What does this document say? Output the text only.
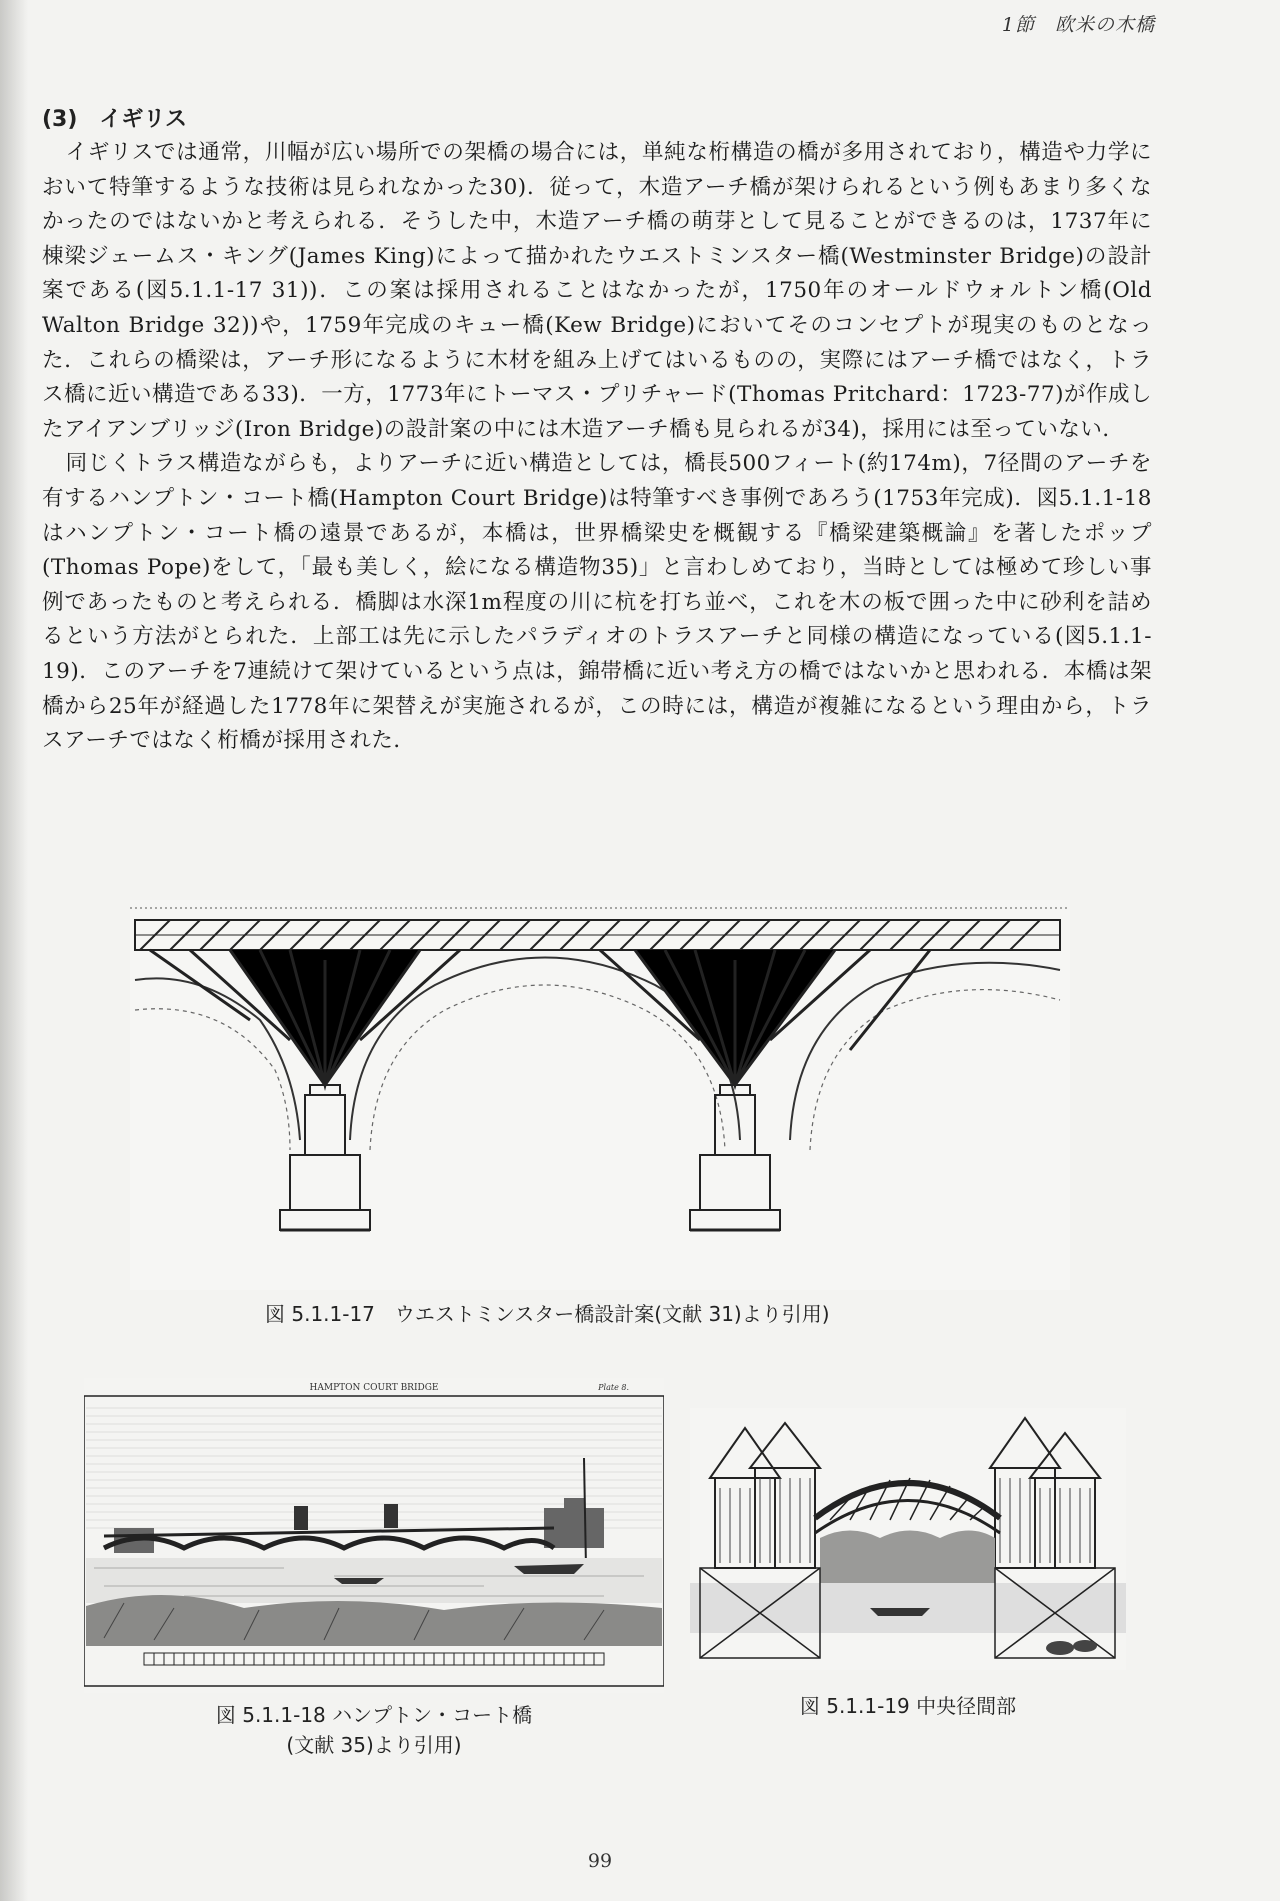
1節　欧米の木橋
(3)　イギリス

イギリスでは通常，川幅が広い場所での架橋の場合には，単純な桁構造の橋が多用されており，構造や力学において特筆するような技術は見られなかった30)．従って，木造アーチ橋が架けられるという例もあまり多くなかったのではないかと考えられる．そうした中，木造アーチ橋の萌芽として見ることができるのは，1737年に棟梁ジェームス・キング(James King)によって描かれたウエストミンスター橋(Westminster Bridge)の設計案である(図5.1.1-17 31))．この案は採用されることはなかったが，1750年のオールドウォルトン橋(Old Walton Bridge 32))や，1759年完成のキュー橋(Kew Bridge)においてそのコンセプトが現実のものとなった．これらの橋梁は，アーチ形になるように木材を組み上げてはいるものの，実際にはアーチ橋ではなく，トラス橋に近い構造である33)．一方，1773年にトーマス・プリチャード(Thomas Pritchard：1723-77)が作成したアイアンブリッジ(Iron Bridge)の設計案の中には木造アーチ橋も見られるが34)，採用には至っていない．

同じくトラス構造ながらも，よりアーチに近い構造としては，橋長500フィート(約174m)，7径間のアーチを有するハンプトン・コート橋(Hampton Court Bridge)は特筆すべき事例であろう(1753年完成)．図5.1.1-18はハンプトン・コート橋の遠景であるが，本橋は，世界橋梁史を概観する『橋梁建築概論』を著したポップ(Thomas Pope)をして，「最も美しく，絵になる構造物35)」と言わしめており，当時としては極めて珍しい事例であったものと考えられる．橋脚は水深1m程度の川に杭を打ち並べ，これを木の板で囲った中に砂利を詰めるという方法がとられた．上部工は先に示したパラディオのトラスアーチと同様の構造になっている(図5.1.1-19)．このアーチを7連続けて架けているという点は，錦帯橋に近い考え方の橋ではないかと思われる．本橋は架橋から25年が経過した1778年に架替えが実施されるが，この時には，構造が複雑になるという理由から，トラスアーチではなく桁橋が採用された．

図 5.1.1-17　ウエストミンスター橋設計案(文献 31)より引用)
HAMPTON COURT BRIDGE	Plate 8.
図 5.1.1-18 ハンプトン・コート橋
(文献 35)より引用)
図 5.1.1-19 中央径間部
99
